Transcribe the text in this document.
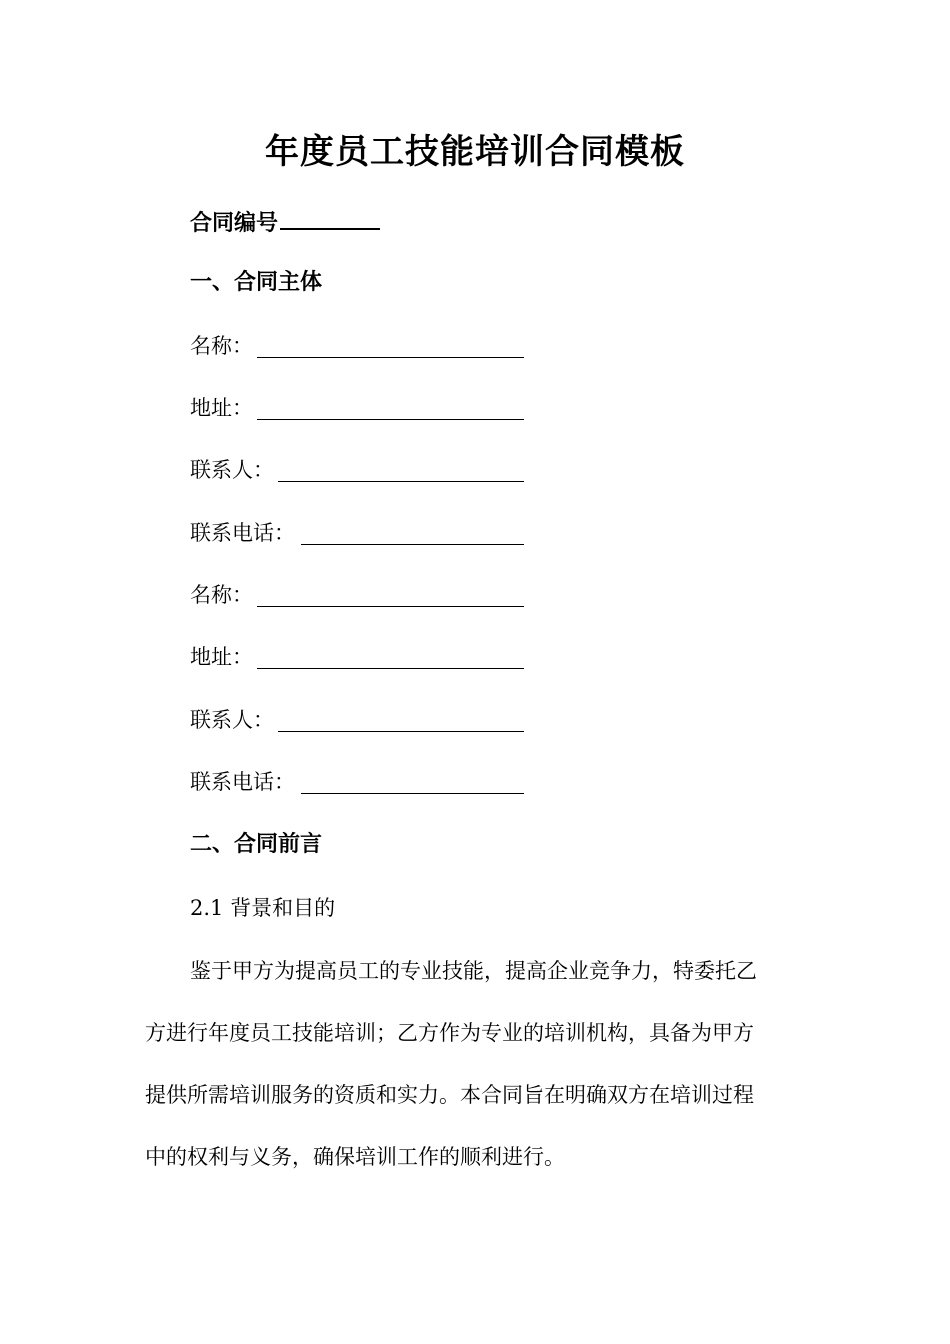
年度员工技能培训合同模板
合同编号
一、合同主体
名称：
地址：
联系人：
联系电话：
名称：
地址：
联系人：
联系电话：
二、合同前言
2.1 背景和目的
鉴于甲方为提高员工的专业技能，提高企业竞争力，特委托乙
方进行年度员工技能培训；乙方作为专业的培训机构，具备为甲方
提供所需培训服务的资质和实力。本合同旨在明确双方在培训过程
中的权利与义务，确保培训工作的顺利进行。
